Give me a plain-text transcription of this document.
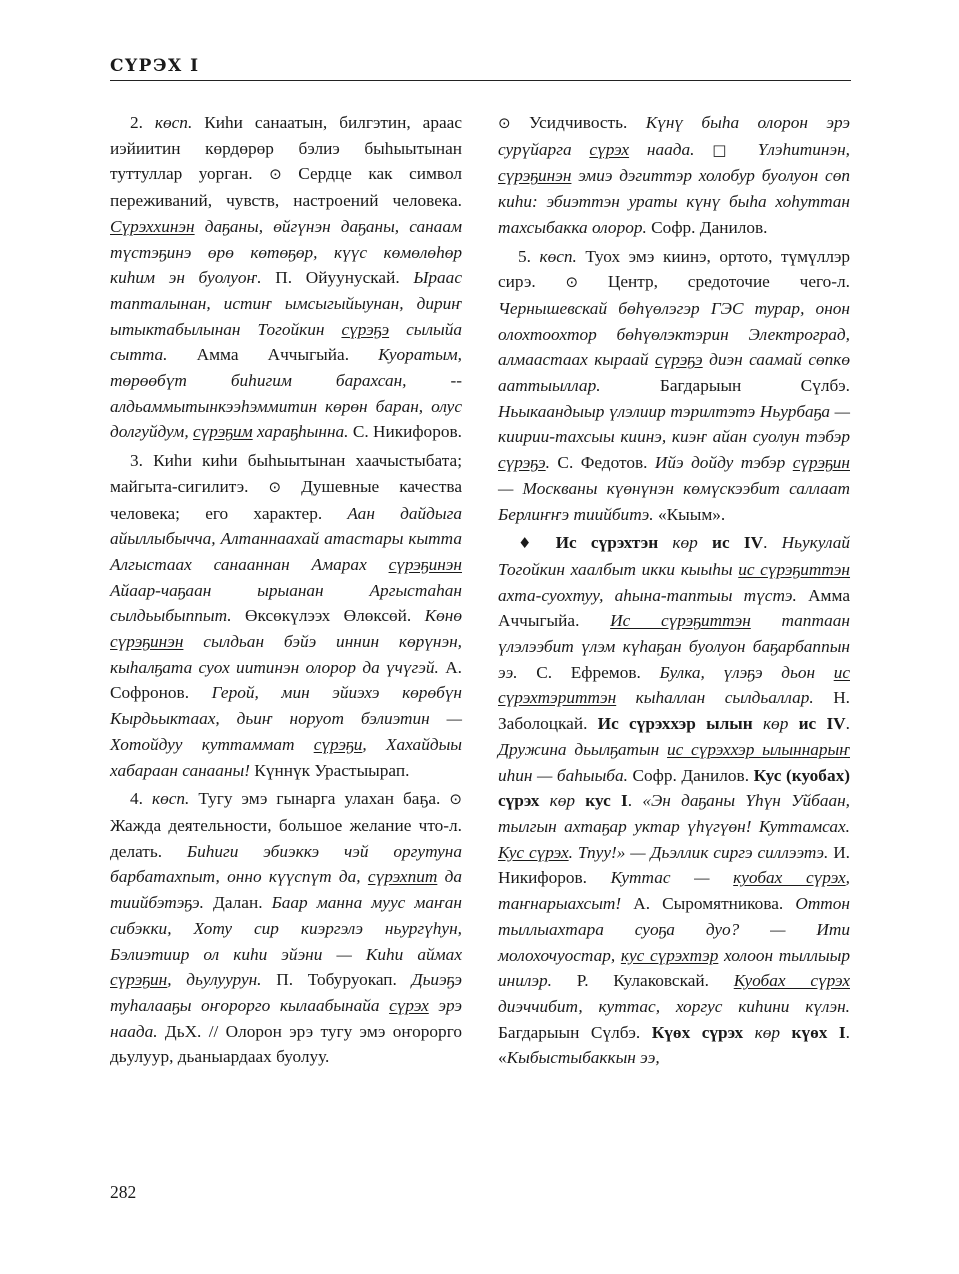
СҮРЭХ I

2. көсп. Киһи санаатын, билгэтин, араас иэйиитин көрдөрөр бэлиэ быһыытынан туттуллар уорган. ⊙ Сердце как символ переживаний, чувств, настроений человека. Сүрэххинэн даҕаны, өйгүнэн даҕаны, санаам түстэҕинэ өрө көтөҕөр, күүс көмөлөһөр киһим эн буолуоҥ. П. Ойуунускай. Ыраас тапталынан, истиҥ ымсыгыйыунан, дириҥ ытыктабылынан Тогойкин сүрэҕэ сылыйа сытта. Амма Аччыгыйа. Куоратым, төрөөбүт биһигим барахсан, -- алдьаммытынкээһэммитин көрөн баран, олус долгуйдум, сүрэҕим хараҕһынна. С. Никифоров.

3. Киһи киһи быһыытынан хаачыстыбата; майгыта-сигилитэ. ⊙ Душевные качества человека; его характер. Аан дайдыга айыллыбычча, Алтаннаахай атастары кытта Алгыстаах санааннан Амарах сүрэҕинэн Айаар-чаҕаан ырыанан Аргыстаһан сылдьыбыппыт. Өксөкүлээх Өлөксөй. Көнө сүрэҕинэн сылдьан бэйэ иннин көрүнэн, кыһалҕата суох иитинэн олорор да үчүгэй. А. Софронов. Герой, мин эйиэхэ көрөбүн Кырдьыктаах, дьиҥ норуот бэлиэтин — Хотойдуу куттаммат сүрэҕи, Хахайдыы хабараан санааны! Күннүк Урастыырап.

4. көсп. Тугу эмэ гынарга улахан баҕа. ⊙ Жажда деятельности, большое желание что-л. делать. Биһиги эбиэккэ чэй оргутуна барбатахпыт, онно күүспүт да, сүрэхпит да тиийбэтэҕэ. Далан. Баар манна муус маҥан сибэкки, Хоту сир киэргэлэ ньургүһун, Бэлиэтиир ол киһи эйэни — Киһи аймах сүрэҕин, дьулуурун. П. Тобуруокап. Дьиэҕэ туһалааҕы оҥорорго кылаабынайа сүрэх эрэ наада. ДьХ. // Олорон эрэ тугу эмэ оҥорорго дьулуур, дьаныардаах буолуу.

⊙ Усидчивость. Күнү быһа олорон эрэ сурүйарга сүрэх наада. □ Үлэһитинэн, сүрэҕинэн эмиэ дэгиттэр холобур буолуон сөп киһи: эбиэттэн ураты күнү быһа хоһуттан тахсыбакка олорор. Софр. Данилов.

5. көсп. Туох эмэ киинэ, ортото, түмүллэр сирэ. ⊙ Центр, средоточие чего-л. Чернышевскай бөһүөлэгэр ГЭС турар, онон олохтоохтор бөһүөлэктэрин Электроград, алмаастаах кыраай сүрэҕэ диэн саамай сөпкө ааттыыллар. Багдарыын Сүлбэ. Ньыкаандыыр үлэлиир тэрилтэтэ Ньурбаҕа — киирии-тахсыы киинэ, киэҥ айан суолун тэбэр сүрэҕэ. С. Федотов. Ийэ дойду тэбэр сүрэҕин — Москваны күөнүнэн көмүскээбит саллаат Берлиҥҥэ тиийбитэ. «Кыым».

♦ Ис сүрэхтэн көр ис IV. Ньукулай Тогойкин хаалбыт икки кыыһы ис сүрэҕиттэн ахта-суохтуу, аһына-таптыы түстэ. Амма Аччыгыйа. Ис сүрэҕиттэн таптаан үлэлээбит үлэм күһаҕан буолуон баҕарбаппын ээ. С. Ефремов. Булка, үлэҕэ дьон ис сүрэхтэриттэн кыһаллан сылдьаллар. Н. Заболоцкай. Ис сүрэххэр ылын көр ис IV. Дружина дьылҕатын ис сүрэххэр ылыннарыҥ иһин — баһыыба. Софр. Данилов. Кус (куобах) сүрэх көр кус I. «Эн даҕаны Үһүн Уйбаан, тылгын ахтаҕар уктар үһүгүөн! Куттамсах. Кус сүрэх. Тпуу!» — Дьэллик сиргэ силлээтэ. И. Никифоров. Куттас — куобах сүрэх, таҥнарыахсыт! А. Сыромятникова. Оттон тыллыахтара суоҕа дуо? — Ити молохочуостар, кус сүрэхтэр холоон тыллыыр инилэр. Р. Кулаковскай. Куобах сүрэх диэччибит, куттас, хоргус киһини күлэн. Багдарыын Сүлбэ. Күөх сүрэх көр күөх I. «Кыбыстыбаккын ээ,

282
